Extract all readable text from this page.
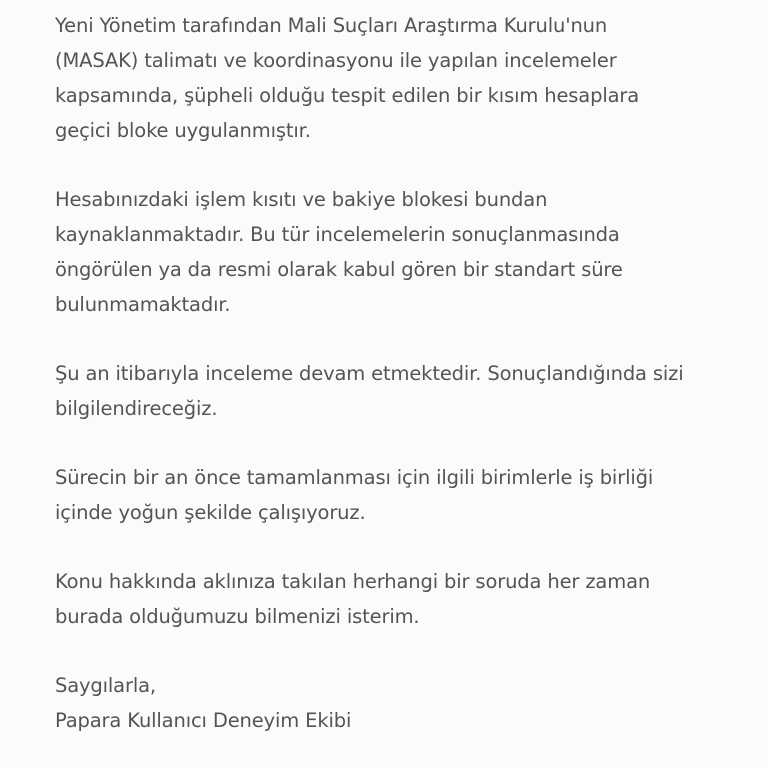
Yeni Yönetim tarafından Mali Suçları Araştırma Kurulu'nun
(MASAK) talimatı ve koordinasyonu ile yapılan incelemeler
kapsamında, şüpheli olduğu tespit edilen bir kısım hesaplara
geçici bloke uygulanmıştır.
Hesabınızdaki işlem kısıtı ve bakiye blokesi bundan
kaynaklanmaktadır. Bu tür incelemelerin sonuçlanmasında
öngörülen ya da resmi olarak kabul gören bir standart süre
bulunmamaktadır.
Şu an itibarıyla inceleme devam etmektedir. Sonuçlandığında sizi
bilgilendireceğiz.
Sürecin bir an önce tamamlanması için ilgili birimlerle iş birliği
içinde yoğun şekilde çalışıyoruz.
Konu hakkında aklınıza takılan herhangi bir soruda her zaman
burada olduğumuzu bilmenizi isterim.
Saygılarla,
Papara Kullanıcı Deneyim Ekibi
